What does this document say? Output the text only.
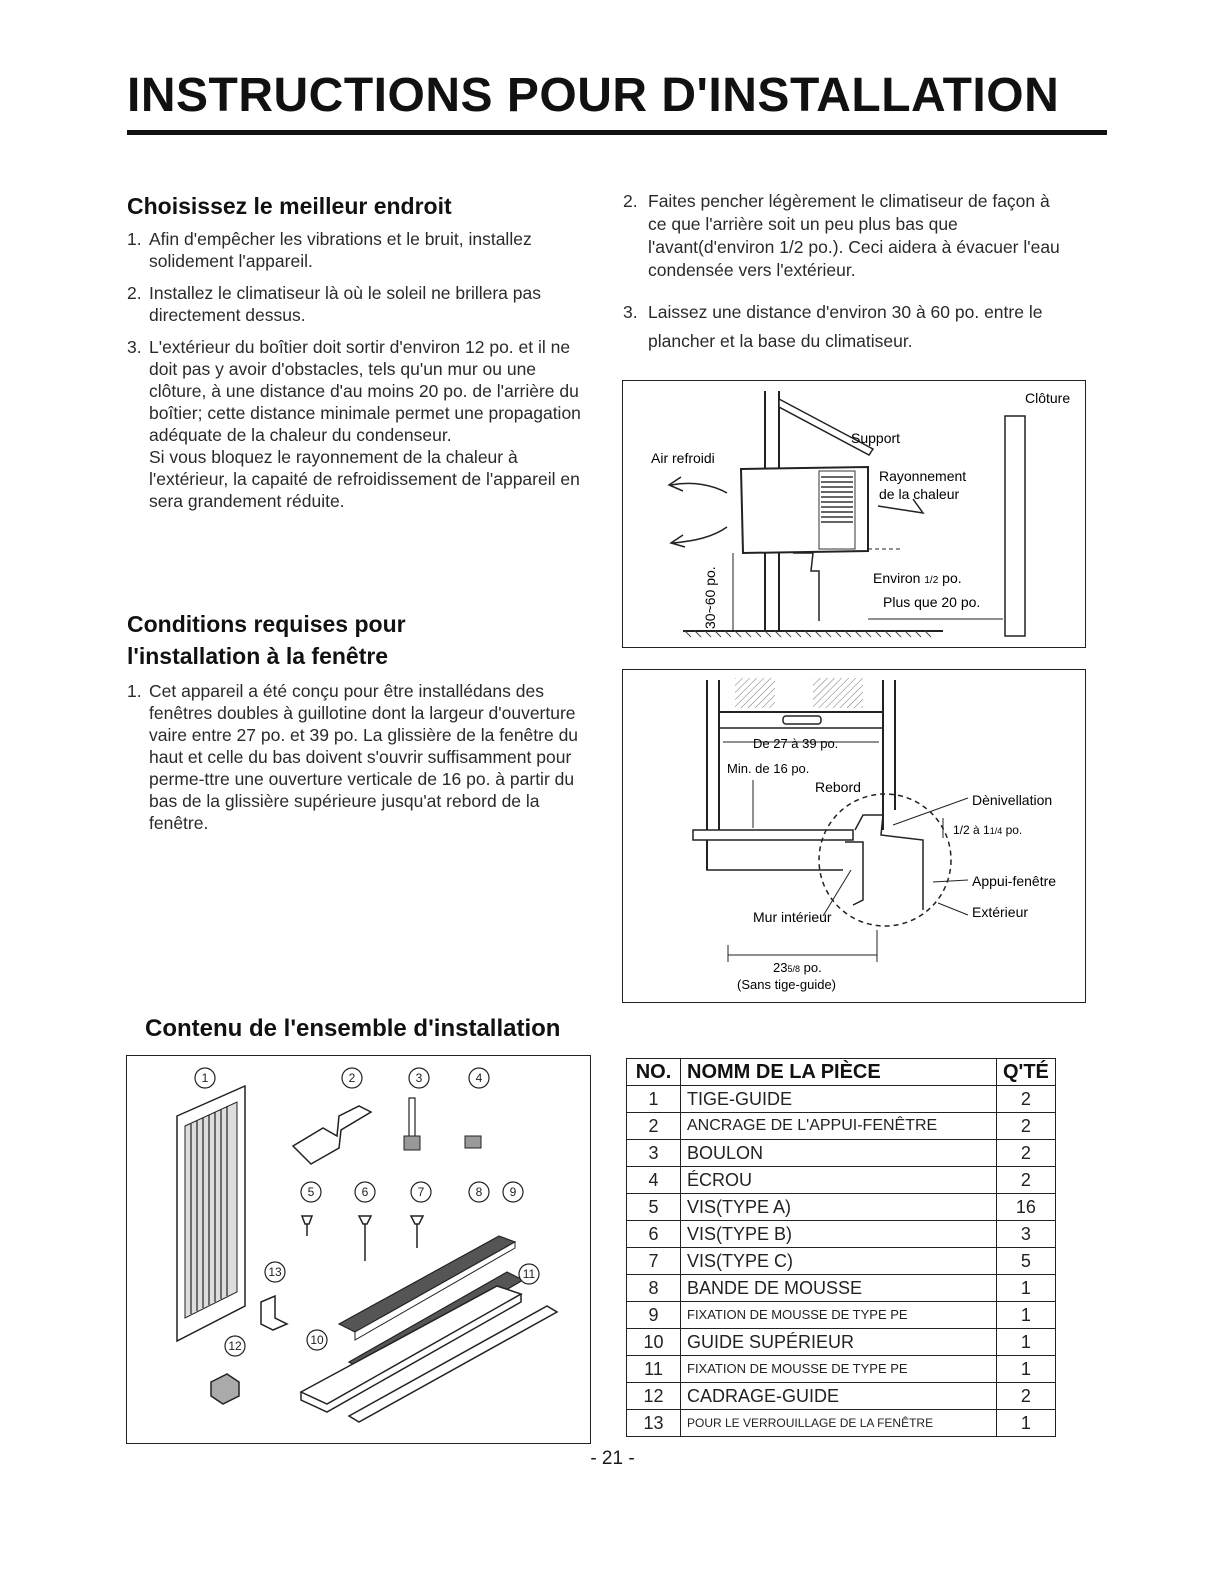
INSTRUCTIONS POUR D'INSTALLATION
Choisissez le meilleur endroit
1. Afin d'empêcher les vibrations et le bruit, installez solidement l'appareil.
2. Installez le climatiseur là où le soleil ne brillera pas directement dessus.
3. L'extérieur du boîtier doit sortir d'environ 12 po. et il ne doit pas y avoir d'obstacles, tels qu'un mur ou une clôture, à une distance d'au moins 20 po. de l'arrière du boîtier; cette distance minimale permet une propagation adéquate de la chaleur du condenseur.
Si vous bloquez le rayonnement de la chaleur à l'extérieur, la capaité de refroidissement de l'appareil en sera grandement réduite.
2. Faites pencher légèrement le climatiseur de façon à ce que l'arrière soit un peu plus bas que l'avant(d'environ 1/2 po.). Ceci aidera à évacuer l'eau condensée vers l'extérieur.
3. Laissez une distance d'environ 30 à 60 po. entre le plancher et la base du climatiseur.
Clôture
Support
Air refroidi
Rayonnement
de la chaleur
Environ 1/2 po.
Plus que 20 po.
30~60 po.
Conditions requises pour
l'installation à la fenêtre
1. Cet appareil a été conçu pour être installédans des fenêtres doubles à guillotine dont la largeur d'ouverture vaire entre 27 po. et 39 po. La glissière de la fenêtre du haut et celle du bas doivent s'ouvrir suffisamment pour perme-ttre une ouverture verticale de 16 po. à partir du bas de la glissière supérieure jusqu'at rebord de la fenêtre.
De 27 à 39 po.
Min. de 16 po.
Rebord
Dènivellation
1/2 à 11/4 po.
Appui-fenêtre
Mur intérieur	Extérieur
235/8 po.
(Sans tige-guide)
Contenu de l'ensemble d'installation
1	2	3	4
5	6	7	8 9
10
11
12
13
NO.	NOMM DE LA PIÈCE	Q'TÉ
1	TIGE-GUIDE	2
2	ANCRAGE DE L'APPUI-FENÊTRE	2
3	BOULON	2
4	ÉCROU	2
5	VIS(TYPE A)	16
6	VIS(TYPE B)	3
7	VIS(TYPE C)	5
8	BANDE DE MOUSSE	1
9	FIXATION DE MOUSSE DE TYPE PE	1
10	GUIDE SUPÉRIEUR	1
11	FIXATION DE MOUSSE DE TYPE PE	1
12	CADRAGE-GUIDE	2
13	POUR LE VERROUILLAGE DE LA FENÊTRE	1
- 21 -
